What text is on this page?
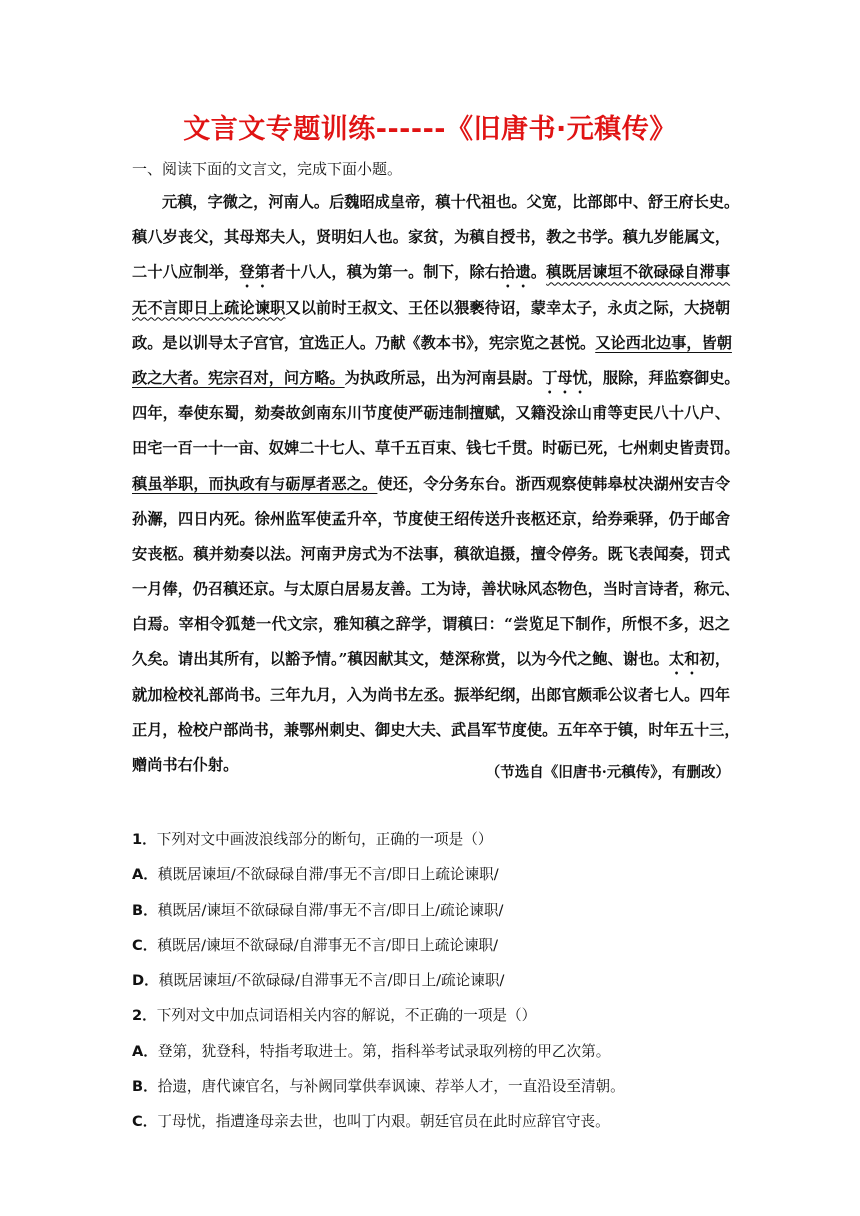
文言文专题训练------《旧唐书·元稹传》
一、阅读下面的文言文，完成下面小题。
元稹，字微之，河南人。后魏昭成皇帝，稹十代祖也。父宽，比部郎中、舒王府长史。
稹八岁丧父，其母郑夫人，贤明妇人也。家贫，为稹自授书，教之书学。稹九岁能属文，
二十八应制举，登第者十八人，稹为第一。制下，除右拾遗。稹既居谏垣不欲碌碌自滞事
无不言即日上疏论谏职又以前时王叔文、王伾以猥褻待诏，蒙幸太子，永贞之际，大挠朝
政。是以训导太子宫官，宜选正人。乃献《教本书》，宪宗览之甚悦。又论西北边事，皆朝
政之大者。宪宗召对，问方略。为执政所忌，出为河南县尉。丁母忧，服除，拜监察御史。
四年，奉使东蜀，劾奏故剑南东川节度使严砺违制擅赋，又籍没涂山甫等吏民八十八户、
田宅一百一十一亩、奴婢二十七人、草千五百束、钱七千贯。时砺已死，七州刺史皆责罚。
稹虽举职，而执政有与砺厚者恶之。使还，令分务东台。浙西观察使韩皋杖决湖州安吉令
孙澥，四日内死。徐州监军使孟升卒，节度使王绍传送升丧柩还京，给券乘驿，仍于邮舍
安丧柩。稹并劾奏以法。河南尹房式为不法事，稹欲追摄，擅令停务。既飞表闻奏，罚式
一月俸，仍召稹还京。与太原白居易友善。工为诗，善状咏风态物色，当时言诗者，称元、
白焉。宰相令狐楚一代文宗，雅知稹之辞学，谓稹曰：“尝览足下制作，所恨不多，迟之
久矣。请出其所有，以豁予情。”稹因献其文，楚深称赏，以为今代之鲍、谢也。太和初，
就加检校礼部尚书。三年九月，入为尚书左丞。振举纪纲，出郎官颇乖公议者七人。四年
正月，检校户部尚书，兼鄂州刺史、御史大夫、武昌军节度使。五年卒于镇，时年五十三，
赠尚书右仆射。	（节选自《旧唐书·元稹传》，有删改）
1．下列对文中画波浪线部分的断句，正确的一项是（）
A．稹既居谏垣/不欲碌碌自滞/事无不言/即日上疏论谏职/
B．稹既居/谏垣不欲碌碌自滞/事无不言/即日上/疏论谏职/
C．稹既居/谏垣不欲碌碌/自滞事无不言/即日上疏论谏职/
D．稹既居谏垣/不欲碌碌/自滞事无不言/即日上/疏论谏职/
2．下列对文中加点词语相关内容的解说，不正确的一项是（）
A．登第，犹登科，特指考取进士。第，指科举考试录取列榜的甲乙次第。
B．拾遗，唐代谏官名，与补阙同掌供奉讽谏、荐举人才，一直沿设至清朝。
C．丁母忧，指遭逢母亲去世，也叫丁内艰。朝廷官员在此时应辞官守丧。
